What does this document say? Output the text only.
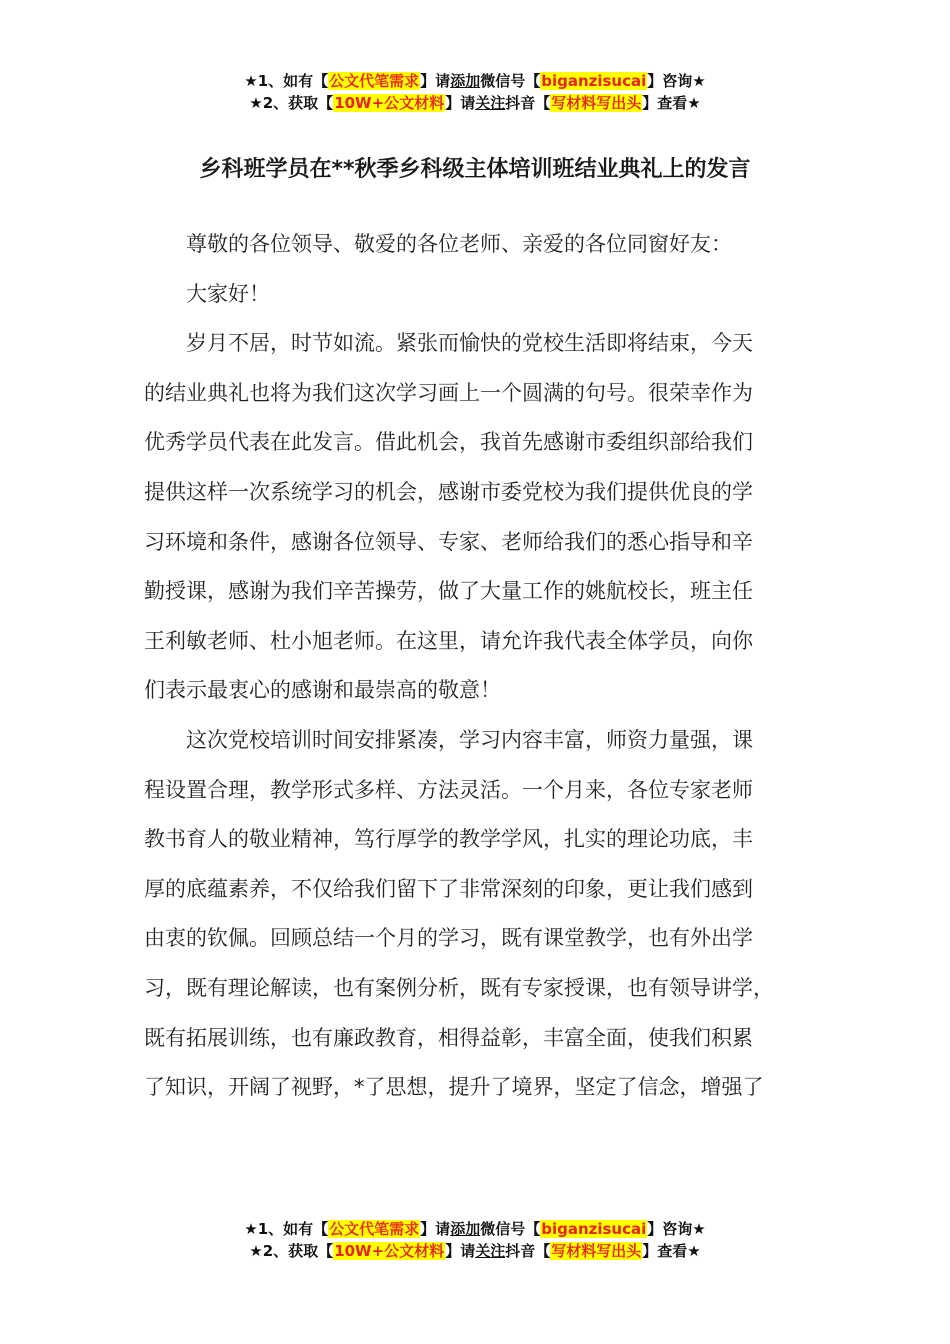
★1、如有【公文代笔需求】请添加微信号【biganzisucai】咨询★
★2、获取【10W+公文材料】请关注抖音【写材料写出头】查看★
乡科班学员在**秋季乡科级主体培训班结业典礼上的发言

尊敬的各位领导、敬爱的各位老师、亲爱的各位同窗好友：

大家好！

岁月不居，时节如流。紧张而愉快的党校生活即将结束，今天
的结业典礼也将为我们这次学习画上一个圆满的句号。很荣幸作为
优秀学员代表在此发言。借此机会，我首先感谢市委组织部给我们
提供这样一次系统学习的机会，感谢市委党校为我们提供优良的学
习环境和条件，感谢各位领导、专家、老师给我们的悉心指导和辛
勤授课，感谢为我们辛苦操劳，做了大量工作的姚航校长，班主任
王利敏老师、杜小旭老师。在这里，请允许我代表全体学员，向你
们表示最衷心的感谢和最崇高的敬意！

这次党校培训时间安排紧凑，学习内容丰富，师资力量强，课
程设置合理，教学形式多样、方法灵活。一个月来，各位专家老师
教书育人的敬业精神，笃行厚学的教学学风，扎实的理论功底，丰
厚的底蕴素养，不仅给我们留下了非常深刻的印象，更让我们感到
由衷的钦佩。回顾总结一个月的学习，既有课堂教学，也有外出学
习，既有理论解读，也有案例分析，既有专家授课，也有领导讲学，
既有拓展训练，也有廉政教育，相得益彰，丰富全面，使我们积累
了知识，开阔了视野，*了思想，提升了境界，坚定了信念，增强了

★1、如有【公文代笔需求】请添加微信号【biganzisucai】咨询★
★2、获取【10W+公文材料】请关注抖音【写材料写出头】查看★
